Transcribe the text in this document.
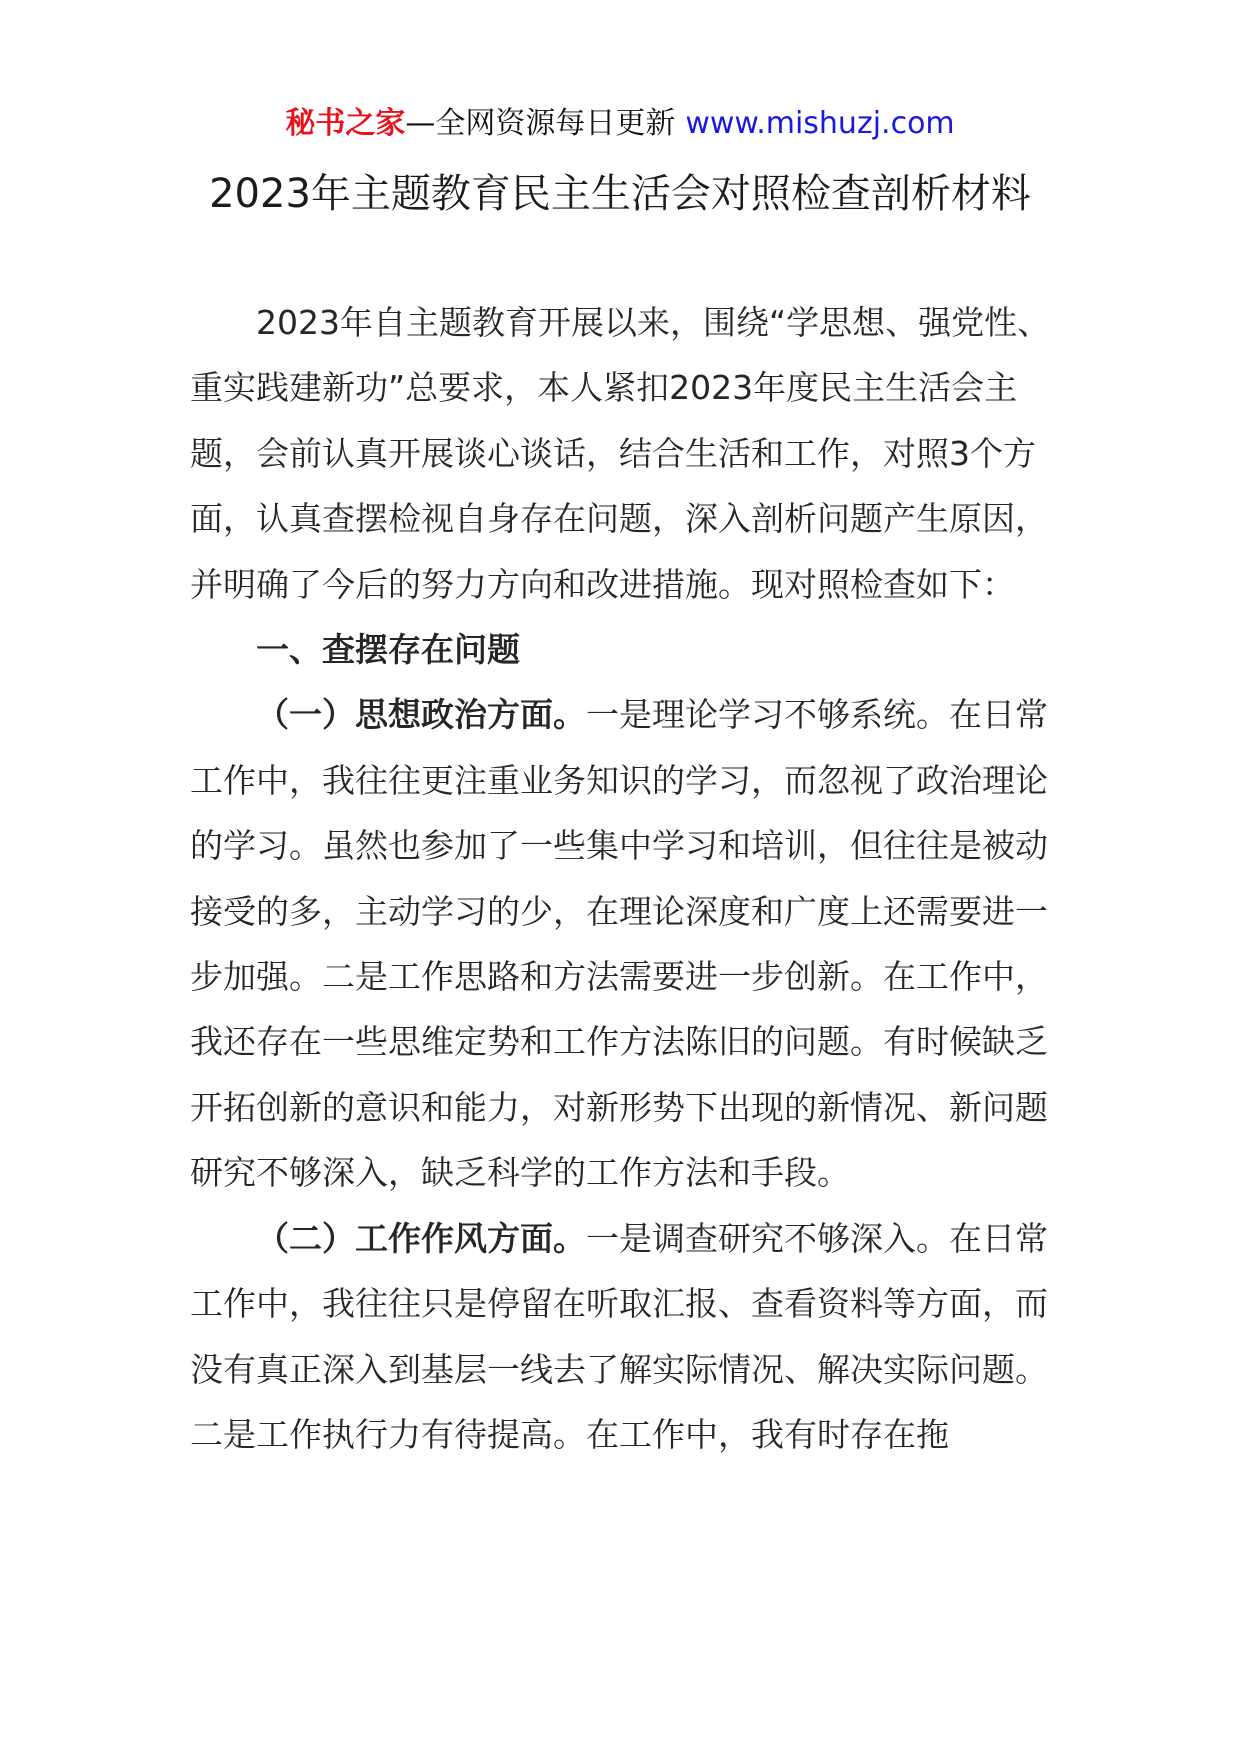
秘书之家—全网资源每日更新 www.mishuzj.com
2023年主题教育民主生活会对照检查剖析材料

2023年自主题教育开展以来，围绕“学思想、强党性、重实践建新功”总要求，本人紧扣2023年度民主生活会主题，会前认真开展谈心谈话，结合生活和工作，对照3个方面，认真查摆检视自身存在问题，深入剖析问题产生原因，并明确了今后的努力方向和改进措施。现对照检查如下：

一、查摆存在问题

（一）思想政治方面。一是理论学习不够系统。在日常工作中，我往往更注重业务知识的学习，而忽视了政治理论的学习。虽然也参加了一些集中学习和培训，但往往是被动接受的多，主动学习的少，在理论深度和广度上还需要进一步加强。二是工作思路和方法需要进一步创新。在工作中，我还存在一些思维定势和工作方法陈旧的问题。有时候缺乏开拓创新的意识和能力，对新形势下出现的新情况、新问题研究不够深入，缺乏科学的工作方法和手段。

（二）工作作风方面。一是调查研究不够深入。在日常工作中，我往往只是停留在听取汇报、查看资料等方面，而没有真正深入到基层一线去了解实际情况、解决实际问题。二是工作执行力有待提高。在工作中，我有时存在拖
